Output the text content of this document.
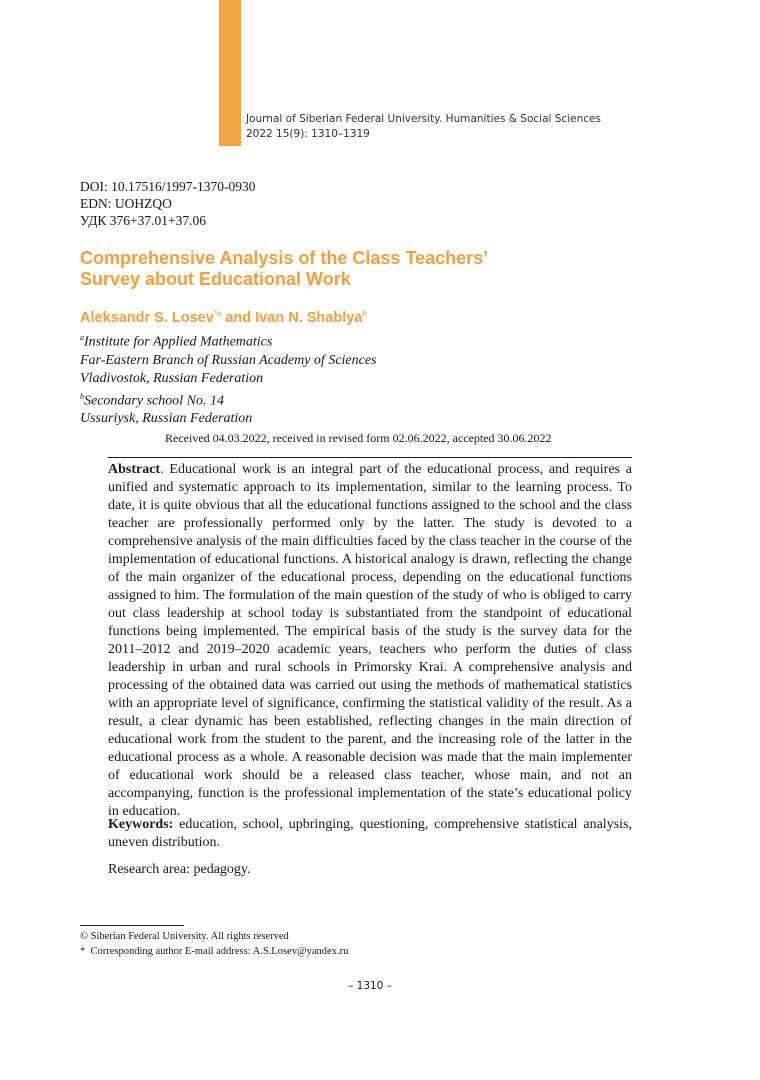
Journal of Siberian Federal University. Humanities & Social Sciences
2022 15(9): 1310–1319
DOI: 10.17516/1997-1370-0930
EDN: UOHZQO
УДК 376+37.01+37.06
Comprehensive Analysis of the Class Teachers’ Survey about Educational Work
Aleksandr S. Losev$^{*a}$ and Ivan N. Shablya$^b$
$^a$Institute for Applied Mathematics
Far-Eastern Branch of Russian Academy of Sciences
Vladivostok, Russian Federation
$^b$Secondary school No. 14
Ussuriysk, Russian Federation
Received 04.03.2022, received in revised form 02.06.2022, accepted 30.06.2022
Abstract. Educational work is an integral part of the educational process, and requires a unified and systematic approach to its implementation, similar to the learning process. To date, it is quite obvious that all the educational functions assigned to the school and the class teacher are professionally performed only by the latter. The study is devoted to a comprehensive analysis of the main difficulties faced by the class teacher in the course of the implementation of educational functions. A historical analogy is drawn, reflecting the change of the main organizer of the educational process, depending on the educational functions assigned to him. The formulation of the main question of the study of who is obliged to carry out class leadership at school today is substantiated from the standpoint of educational functions being implemented. The empirical basis of the study is the survey data for the 2011–2012 and 2019–2020 academic years, teachers who perform the duties of class leadership in urban and rural schools in Primorsky Krai. A comprehensive analysis and processing of the obtained data was carried out using the methods of mathematical statistics with an appropriate level of significance, confirming the statistical validity of the result. As a result, a clear dynamic has been established, reflecting changes in the main direction of educational work from the student to the parent, and the increasing role of the latter in the educational process as a whole. A reasonable decision was made that the main implementer of educational work should be a released class teacher, whose main, and not an accompanying, function is the professional implementation of the state’s educational policy in education.
Keywords: education, school, upbringing, questioning, comprehensive statistical analysis, uneven distribution.
Research area: pedagogy.
© Siberian Federal University. All rights reserved
*  Corresponding author E-mail address: A.S.Losev@yandex.ru
– 1310 –
